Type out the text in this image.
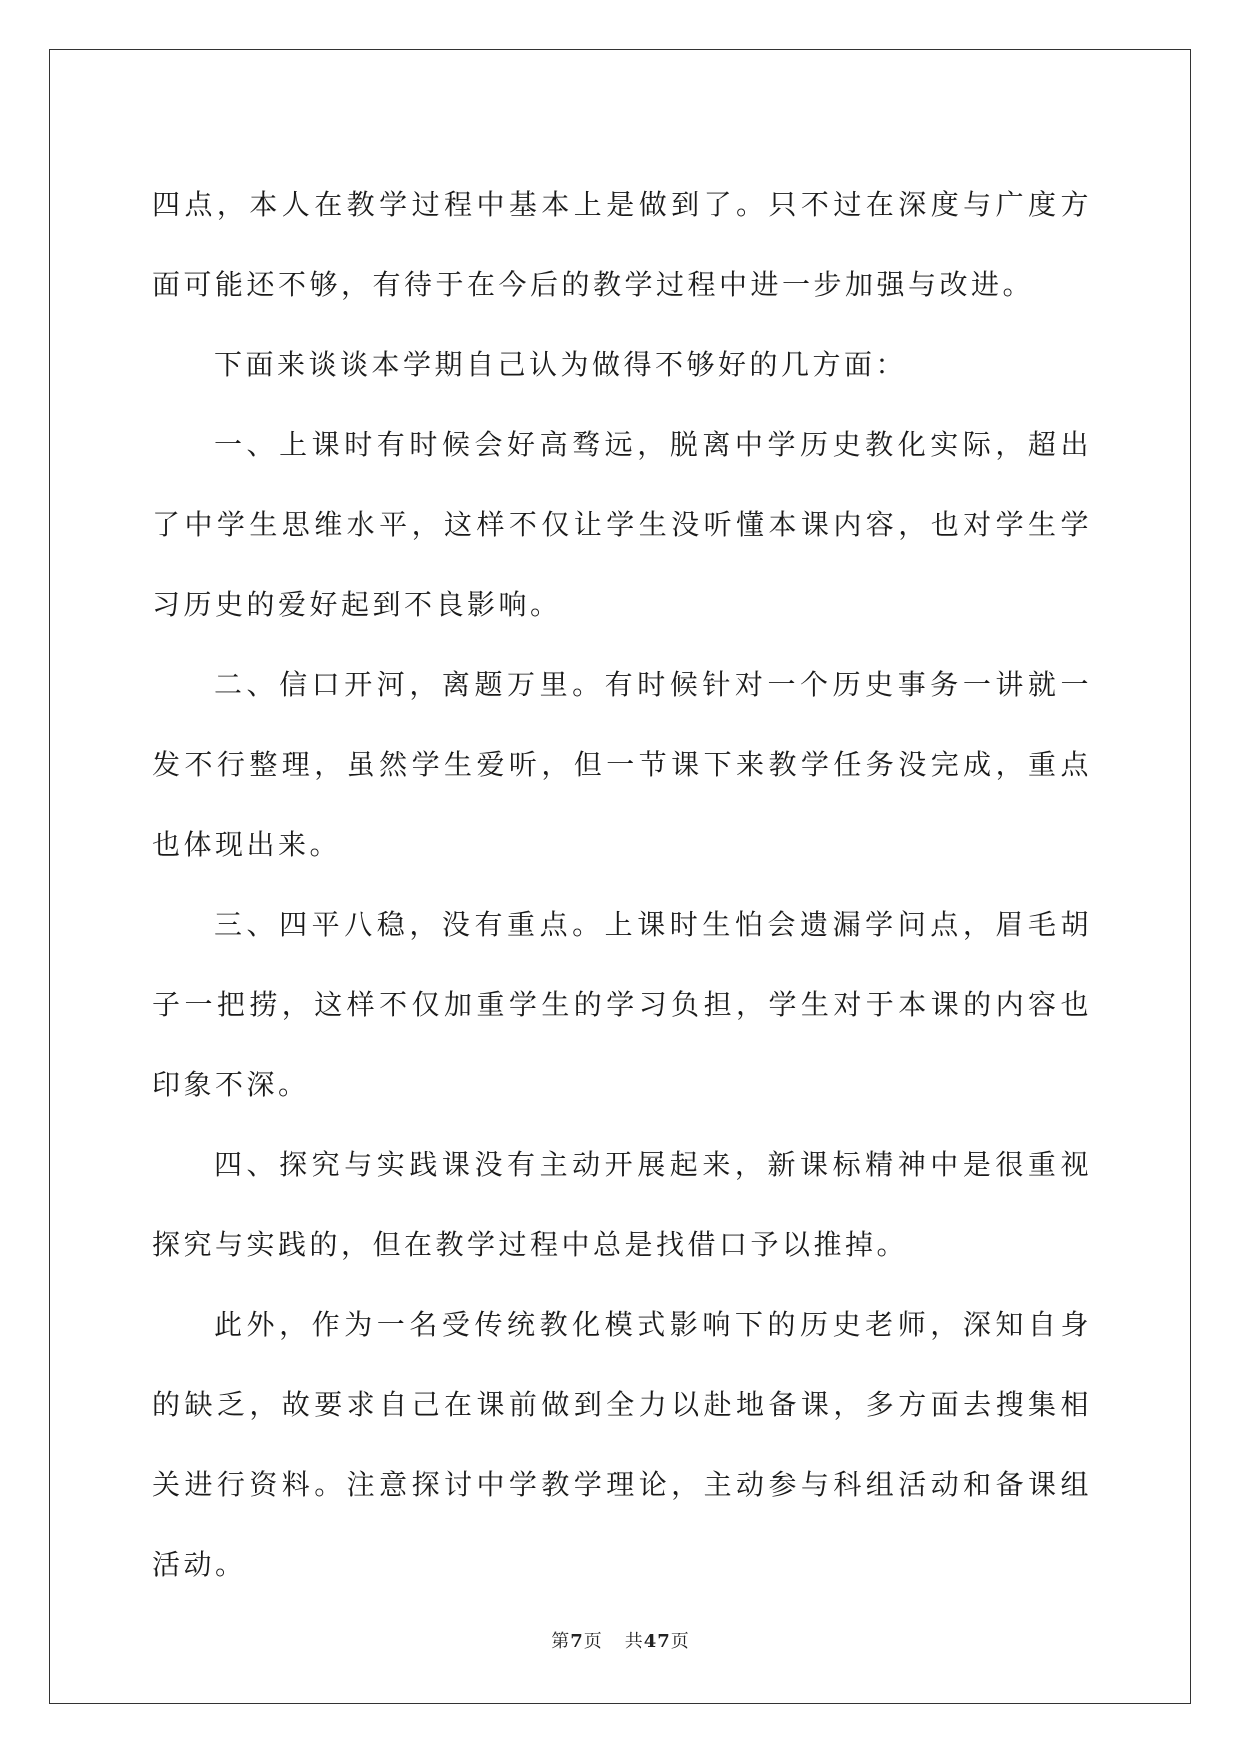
四点，本人在教学过程中基本上是做到了。只不过在深度与广度方面可能还不够，有待于在今后的教学过程中进一步加强与改进。

下面来谈谈本学期自己认为做得不够好的几方面：

一、上课时有时候会好高骛远，脱离中学历史教化实际，超出了中学生思维水平，这样不仅让学生没听懂本课内容，也对学生学习历史的爱好起到不良影响。

二、信口开河，离题万里。有时候针对一个历史事务一讲就一发不行整理，虽然学生爱听，但一节课下来教学任务没完成，重点也体现出来。

三、四平八稳，没有重点。上课时生怕会遗漏学问点，眉毛胡子一把捞，这样不仅加重学生的学习负担，学生对于本课的内容也印象不深。

四、探究与实践课没有主动开展起来，新课标精神中是很重视探究与实践的，但在教学过程中总是找借口予以推掉。

此外，作为一名受传统教化模式影响下的历史老师，深知自身的缺乏，故要求自己在课前做到全力以赴地备课，多方面去搜集相关进行资料。注意探讨中学教学理论，主动参与科组活动和备课组活动。

第7页 共47页
